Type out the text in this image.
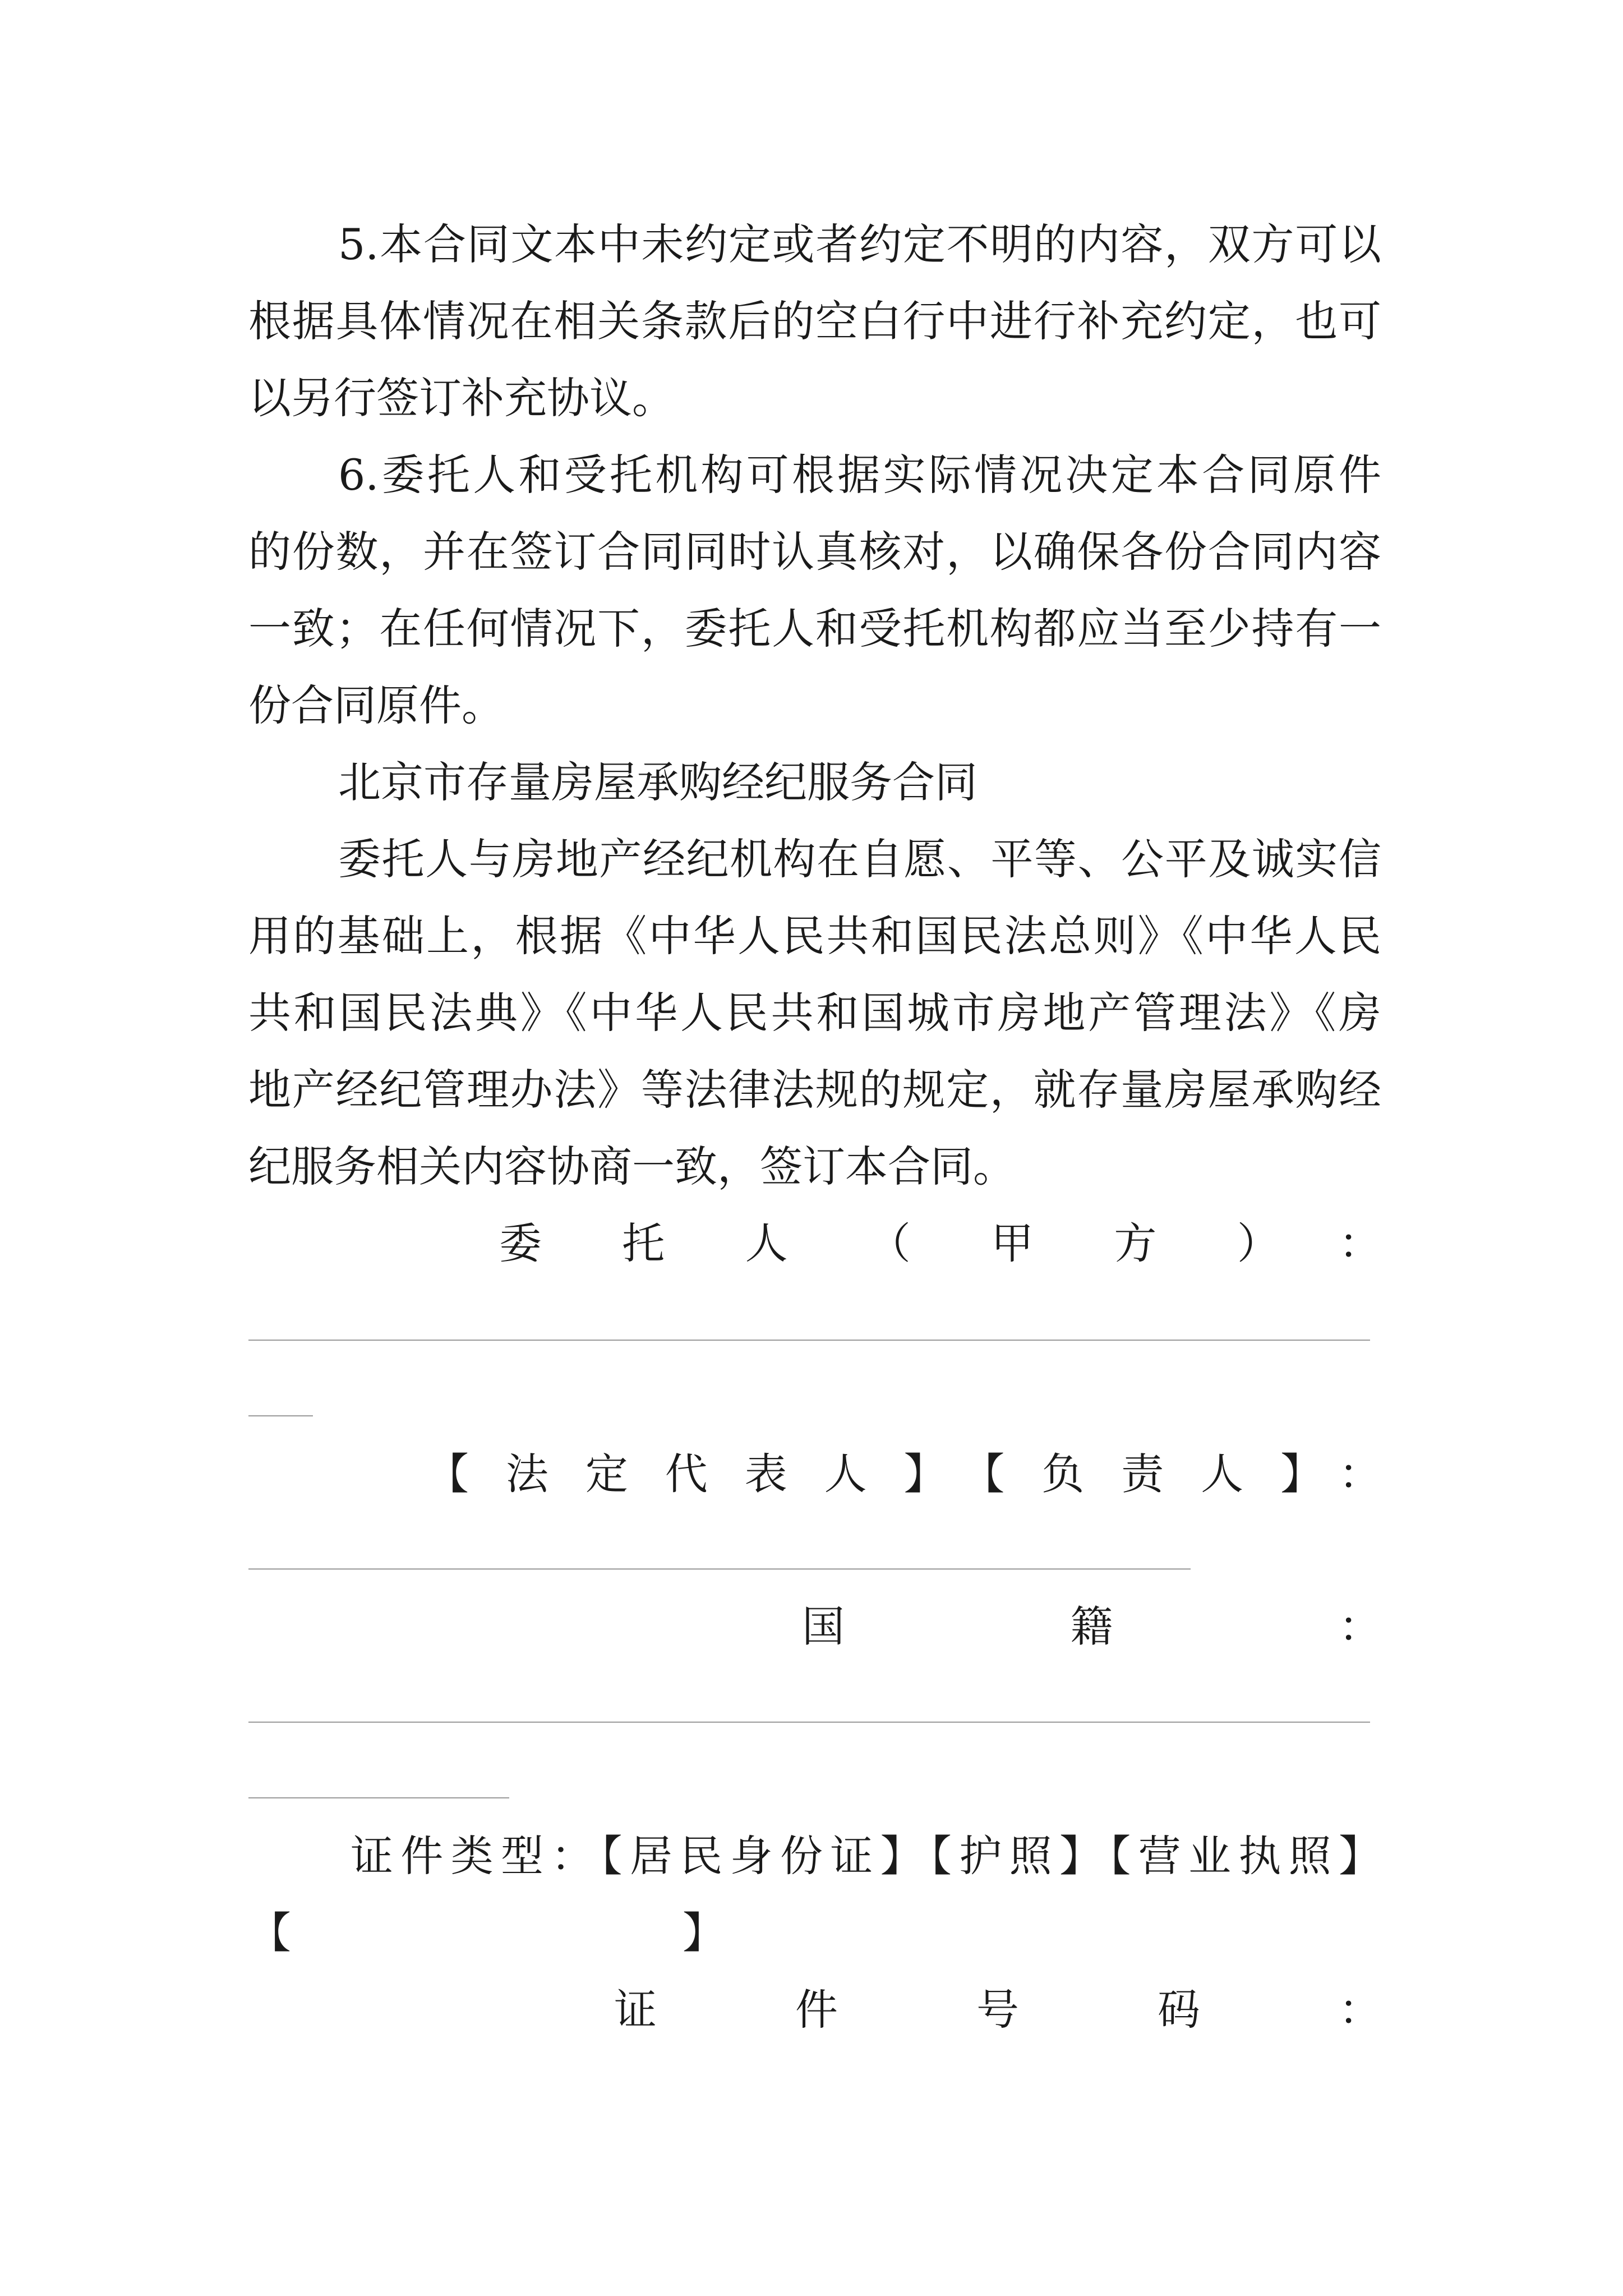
5.本合同文本中未约定或者约定不明的内容，双方可以
根据具体情况在相关条款后的空白行中进行补充约定，也可
以另行签订补充协议。
6.委托人和受托机构可根据实际情况决定本合同原件
的份数，并在签订合同同时认真核对，以确保各份合同内容
一致；在任何情况下，委托人和受托机构都应当至少持有一
份合同原件。
北京市存量房屋承购经纪服务合同
委托人与房地产经纪机构在自愿、平等、公平及诚实信
用的基础上，根据《中华人民共和国民法总则》《中华人民
共和国民法典》《中华人民共和国城市房地产管理法》《房
地产经纪管理办法》等法律法规的规定，就存量房屋承购经
纪服务相关内容协商一致，签订本合同。
委托人（甲方）：
【法定代表人】【负责人】：
国籍：
证件类型：【居民身份证】【护照】【营业执照】
【	】
证件号码：
